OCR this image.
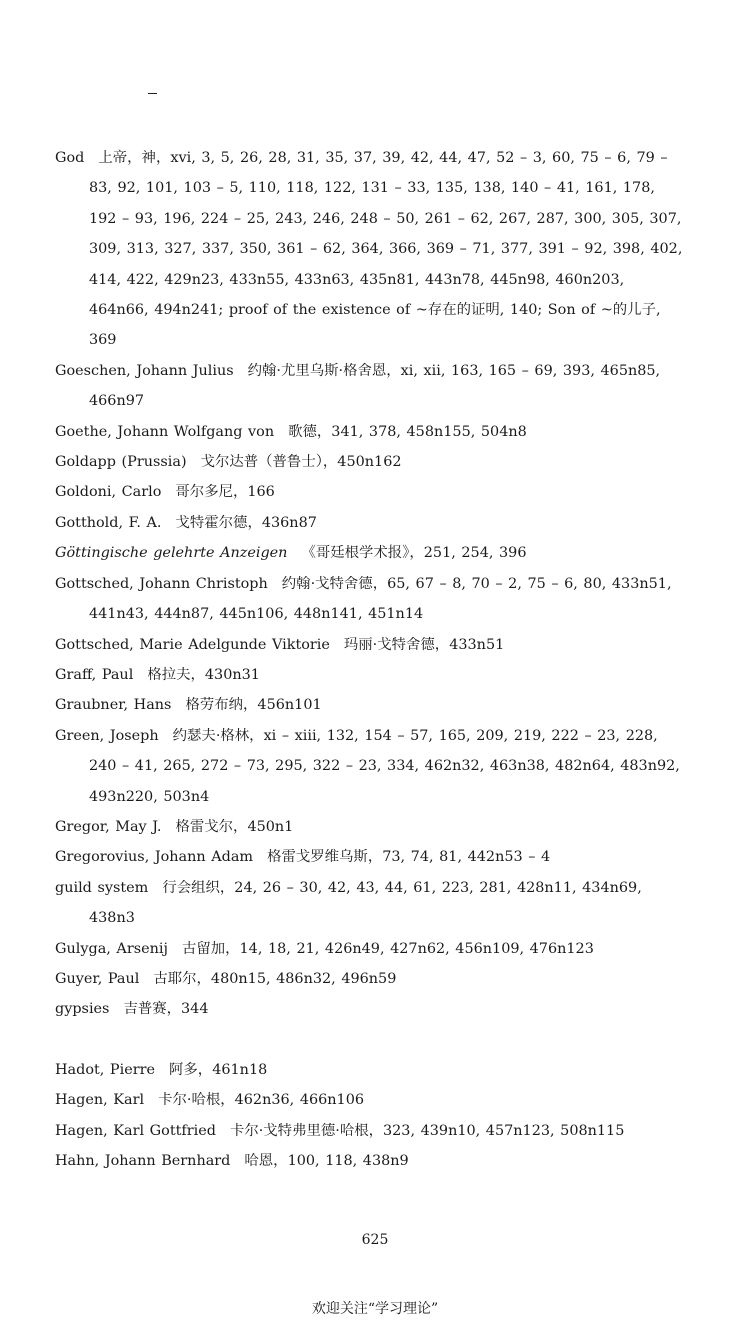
God 上帝，神，xvi, 3, 5, 26, 28, 31, 35, 37, 39, 42, 44, 47, 52 – 3, 60, 75 – 6, 79 – 83, 92, 101, 103 – 5, 110, 118, 122, 131 – 33, 135, 138, 140 – 41, 161, 178, 192 – 93, 196, 224 – 25, 243, 246, 248 – 50, 261 – 62, 267, 287, 300, 305, 307, 309, 313, 327, 337, 350, 361 – 62, 364, 366, 369 – 71, 377, 391 – 92, 398, 402, 414, 422, 429n23, 433n55, 433n63, 435n81, 443n78, 445n98, 460n203, 464n66, 494n241; proof of the existence of ~存在的证明, 140; Son of ~的儿子, 369

Goeschen, Johann Julius 约翰·尤里乌斯·格舍恩，xi, xii, 163, 165 – 69, 393, 465n85, 466n97

Goethe, Johann Wolfgang von 歌德，341, 378, 458n155, 504n8

Goldapp (Prussia) 戈尔达普（普鲁士），450n162

Goldoni, Carlo 哥尔多尼，166

Gotthold, F. A. 戈特霍尔德，436n87

Göttingische gelehrte Anzeigen 《哥廷根学术报》，251, 254, 396

Gottsched, Johann Christoph 约翰·戈特舍德，65, 67 – 8, 70 – 2, 75 – 6, 80, 433n51, 441n43, 444n87, 445n106, 448n141, 451n14

Gottsched, Marie Adelgunde Viktorie 玛丽·戈特舍德，433n51

Graff, Paul 格拉夫，430n31

Graubner, Hans 格劳布纳，456n101

Green, Joseph 约瑟夫·格林，xi – xiii, 132, 154 – 57, 165, 209, 219, 222 – 23, 228, 240 – 41, 265, 272 – 73, 295, 322 – 23, 334, 462n32, 463n38, 482n64, 483n92, 493n220, 503n4

Gregor, May J. 格雷戈尔，450n1

Gregorovius, Johann Adam 格雷戈罗维乌斯，73, 74, 81, 442n53 – 4

guild system 行会组织，24, 26 – 30, 42, 43, 44, 61, 223, 281, 428n11, 434n69, 438n3

Gulyga, Arsenij 古留加，14, 18, 21, 426n49, 427n62, 456n109, 476n123

Guyer, Paul 古耶尔，480n15, 486n32, 496n59

gypsies 吉普赛，344

Hadot, Pierre 阿多，461n18

Hagen, Karl 卡尔·哈根，462n36, 466n106

Hagen, Karl Gottfried 卡尔·戈特弗里德·哈根，323, 439n10, 457n123, 508n115

Hahn, Johann Bernhard 哈恩，100, 118, 438n9

625
欢迎关注“学习理论”
